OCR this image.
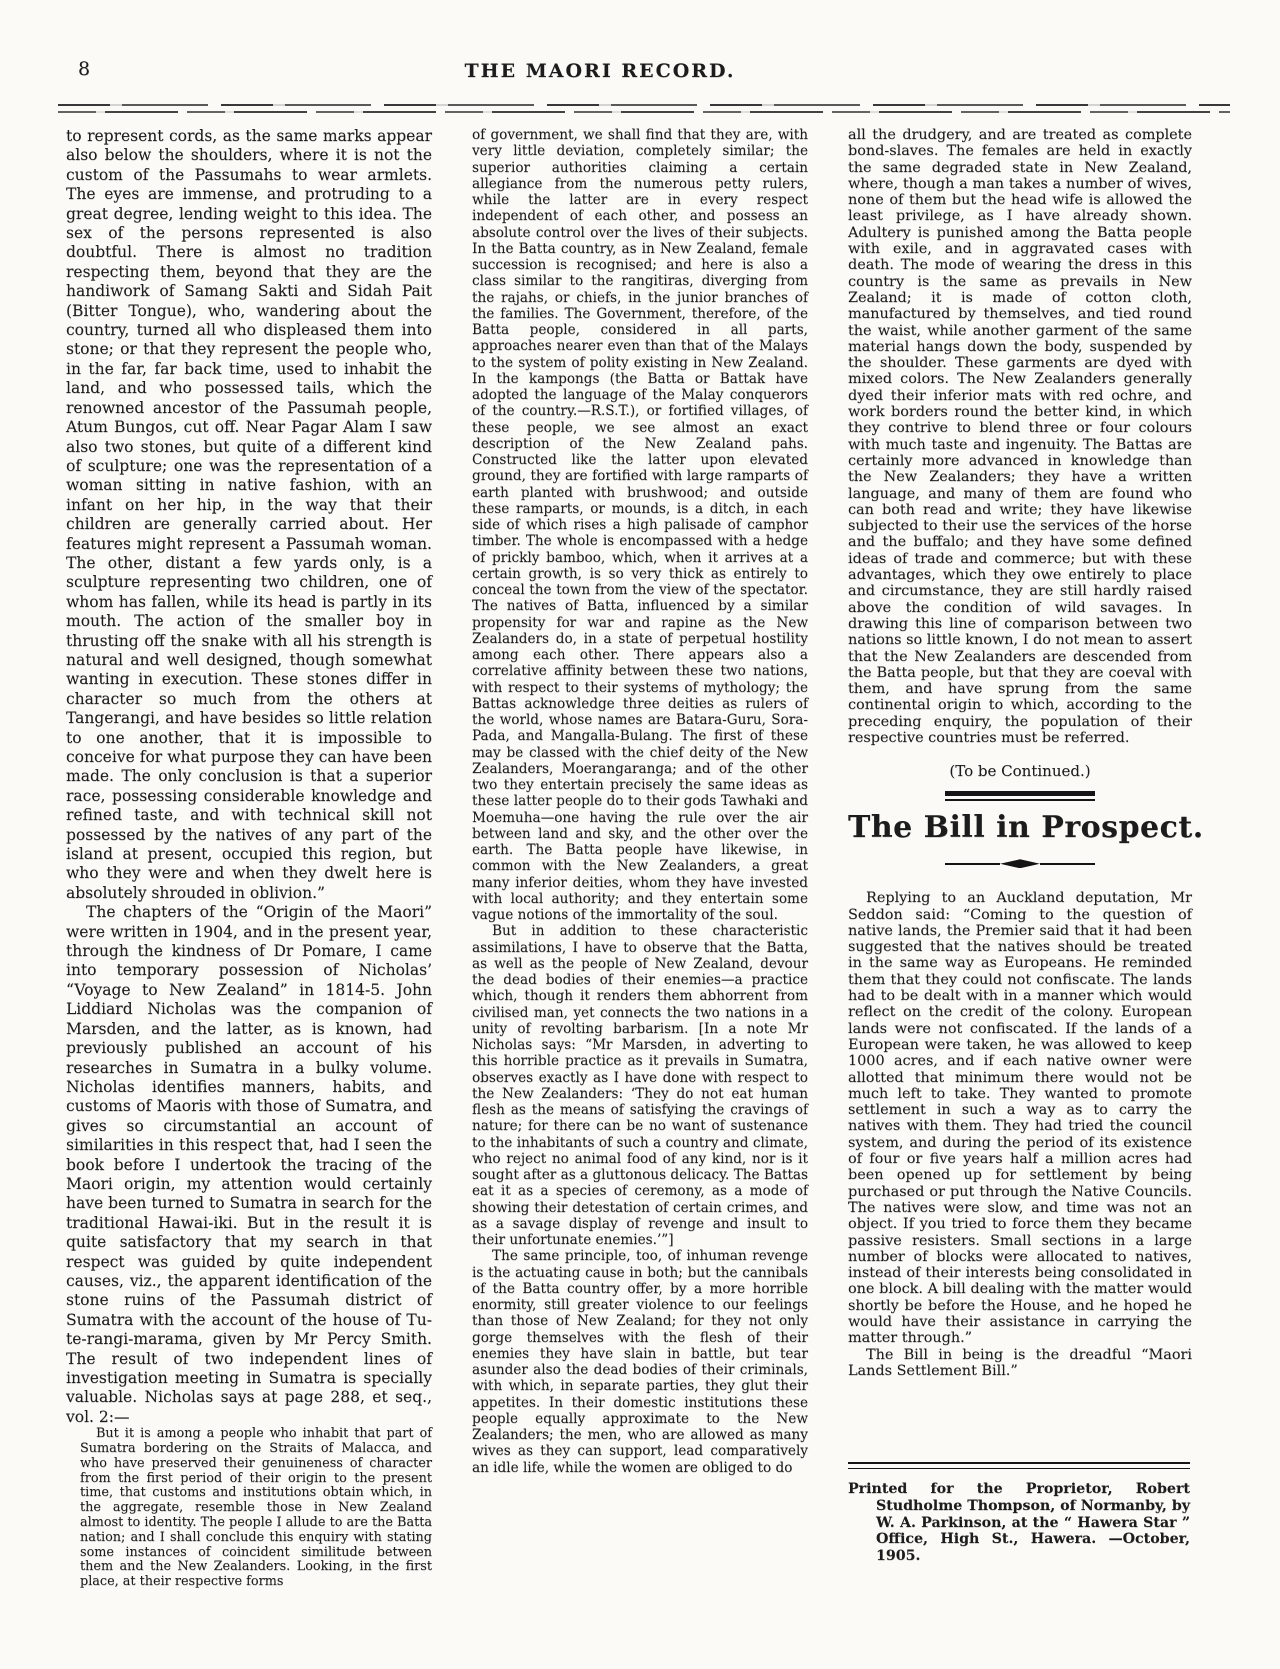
8	THE MAORI RECORD.

to represent cords, as the same marks appear also below the shoulders, where it is not the custom of the Passumahs to wear armlets. The eyes are immense, and protruding to a great degree, lending weight to this idea. The sex of the persons represented is also doubtful. There is almost no tradition respecting them, beyond that they are the handiwork of Samang Sakti and Sidah Pait (Bitter Tongue), who, wandering about the country, turned all who displeased them into stone; or that they represent the people who, in the far, far back time, used to inhabit the land, and who possessed tails, which the renowned ancestor of the Passumah people, Atum Bungos, cut off. Near Pagar Alam I saw also two stones, but quite of a different kind of sculpture; one was the representation of a woman sitting in native fashion, with an infant on her hip, in the way that their children are generally carried about. Her features might represent a Passumah woman. The other, distant a few yards only, is a sculpture representing two children, one of whom has fallen, while its head is partly in its mouth. The action of the smaller boy in thrusting off the snake with all his strength is natural and well designed, though somewhat wanting in execution. These stones differ in character so much from the others at Tangerangi, and have besides so little relation to one another, that it is impossible to conceive for what purpose they can have been made. The only conclusion is that a superior race, possessing considerable knowledge and refined taste, and with technical skill not possessed by the natives of any part of the island at present, occupied this region, but who they were and when they dwelt here is absolutely shrouded in oblivion.”

The chapters of the “Origin of the Maori” were written in 1904, and in the present year, through the kindness of Dr Pomare, I came into temporary possession of Nicholas’ “Voyage to New Zealand” in 1814-5. John Liddiard Nicholas was the companion of Marsden, and the latter, as is known, had previously published an account of his researches in Sumatra in a bulky volume. Nicholas identifies manners, habits, and customs of Maoris with those of Sumatra, and gives so circumstantial an account of similarities in this respect that, had I seen the book before I undertook the tracing of the Maori origin, my attention would certainly have been turned to Sumatra in search for the traditional Hawai-iki. But in the result it is quite satisfactory that my search in that respect was guided by quite independent causes, viz., the apparent identification of the stone ruins of the Passumah district of Sumatra with the account of the house of Tu-te-rangi-marama, given by Mr Percy Smith. The result of two independent lines of investigation meeting in Sumatra is specially valuable. Nicholas says at page 288, et seq., vol. 2:—

But it is among a people who inhabit that part of Sumatra bordering on the Straits of Malacca, and who have preserved their genuineness of character from the first period of their origin to the present time, that customs and institutions obtain which, in the aggregate, resemble those in New Zealand almost to identity. The people I allude to are the Batta nation; and I shall conclude this enquiry with stating some instances of coincident similitude between them and the New Zealanders. Looking, in the first place, at their respective forms

of government, we shall find that they are, with very little deviation, completely similar; the superior authorities claiming a certain allegiance from the numerous petty rulers, while the latter are in every respect independent of each other, and possess an absolute control over the lives of their subjects. In the Batta country, as in New Zealand, female succession is recognised; and here is also a class similar to the rangitiras, diverging from the rajahs, or chiefs, in the junior branches of the families. The Government, therefore, of the Batta people, considered in all parts, approaches nearer even than that of the Malays to the system of polity existing in New Zealand. In the kampongs (the Batta or Battak have adopted the language of the Malay conquerors of the country.—R.S.T.), or fortified villages, of these people, we see almost an exact description of the New Zealand pahs. Constructed like the latter upon elevated ground, they are fortified with large ramparts of earth planted with brushwood; and outside these ramparts, or mounds, is a ditch, in each side of which rises a high palisade of camphor timber. The whole is encompassed with a hedge of prickly bamboo, which, when it arrives at a certain growth, is so very thick as entirely to conceal the town from the view of the spectator. The natives of Batta, influenced by a similar propensity for war and rapine as the New Zealanders do, in a state of perpetual hostility among each other. There appears also a correlative affinity between these two nations, with respect to their systems of mythology; the Battas acknowledge three deities as rulers of the world, whose names are Batara-Guru, Sora-Pada, and Mangalla-Bulang. The first of these may be classed with the chief deity of the New Zealanders, Moerangaranga; and of the other two they entertain precisely the same ideas as these latter people do to their gods Tawhaki and Moemuha—one having the rule over the air between land and sky, and the other over the earth. The Batta people have likewise, in common with the New Zealanders, a great many inferior deities, whom they have invested with local authority; and they entertain some vague notions of the immortality of the soul.

But in addition to these characteristic assimilations, I have to observe that the Batta, as well as the people of New Zealand, devour the dead bodies of their enemies—a practice which, though it renders them abhorrent from civilised man, yet connects the two nations in a unity of revolting barbarism. [In a note Mr Nicholas says: “Mr Marsden, in adverting to this horrible practice as it prevails in Sumatra, observes exactly as I have done with respect to the New Zealanders: ‘They do not eat human flesh as the means of satisfying the cravings of nature; for there can be no want of sustenance to the inhabitants of such a country and climate, who reject no animal food of any kind, nor is it sought after as a gluttonous delicacy. The Battas eat it as a species of ceremony, as a mode of showing their detestation of certain crimes, and as a savage display of revenge and insult to their unfortunate enemies.’”]

The same principle, too, of inhuman revenge is the actuating cause in both; but the cannibals of the Batta country offer, by a more horrible enormity, still greater violence to our feelings than those of New Zealand; for they not only gorge themselves with the flesh of their enemies they have slain in battle, but tear asunder also the dead bodies of their criminals, with which, in separate parties, they glut their appetites. In their domestic institutions these people equally approximate to the New Zealanders; the men, who are allowed as many wives as they can support, lead comparatively an idle life, while the women are obliged to do

all the drudgery, and are treated as complete bond-slaves. The females are held in exactly the same degraded state in New Zealand, where, though a man takes a number of wives, none of them but the head wife is allowed the least privilege, as I have already shown. Adultery is punished among the Batta people with exile, and in aggravated cases with death. The mode of wearing the dress in this country is the same as prevails in New Zealand; it is made of cotton cloth, manufactured by themselves, and tied round the waist, while another garment of the same material hangs down the body, suspended by the shoulder. These garments are dyed with mixed colors. The New Zealanders generally dyed their inferior mats with red ochre, and work borders round the better kind, in which they contrive to blend three or four colours with much taste and ingenuity. The Battas are certainly more advanced in knowledge than the New Zealanders; they have a written language, and many of them are found who can both read and write; they have likewise subjected to their use the services of the horse and the buffalo; and they have some defined ideas of trade and commerce; but with these advantages, which they owe entirely to place and circumstance, they are still hardly raised above the condition of wild savages. In drawing this line of comparison between two nations so little known, I do not mean to assert that the New Zealanders are descended from the Batta people, but that they are coeval with them, and have sprung from the same continental origin to which, according to the preceding enquiry, the population of their respective countries must be referred.

(To be Continued.)

The Bill in Prospect.

Replying to an Auckland deputation, Mr Seddon said: “Coming to the question of native lands, the Premier said that it had been suggested that the natives should be treated in the same way as Europeans. He reminded them that they could not confiscate. The lands had to be dealt with in a manner which would reflect on the credit of the colony. European lands were not confiscated. If the lands of a European were taken, he was allowed to keep 1000 acres, and if each native owner were allotted that minimum there would not be much left to take. They wanted to promote settlement in such a way as to carry the natives with them. They had tried the council system, and during the period of its existence of four or five years half a million acres had been opened up for settlement by being purchased or put through the Native Councils. The natives were slow, and time was not an object. If you tried to force them they became passive resisters. Small sections in a large number of blocks were allocated to natives, instead of their interests being consolidated in one block. A bill dealing with the matter would shortly be before the House, and he hoped he would have their assistance in carrying the matter through.”

The Bill in being is the dreadful “Maori Lands Settlement Bill.”

Printed for the Proprietor, Robert Studholme Thompson, of Normanby, by W. A. Parkinson, at the “ Hawera Star ” Office, High St., Hawera. —October, 1905.
